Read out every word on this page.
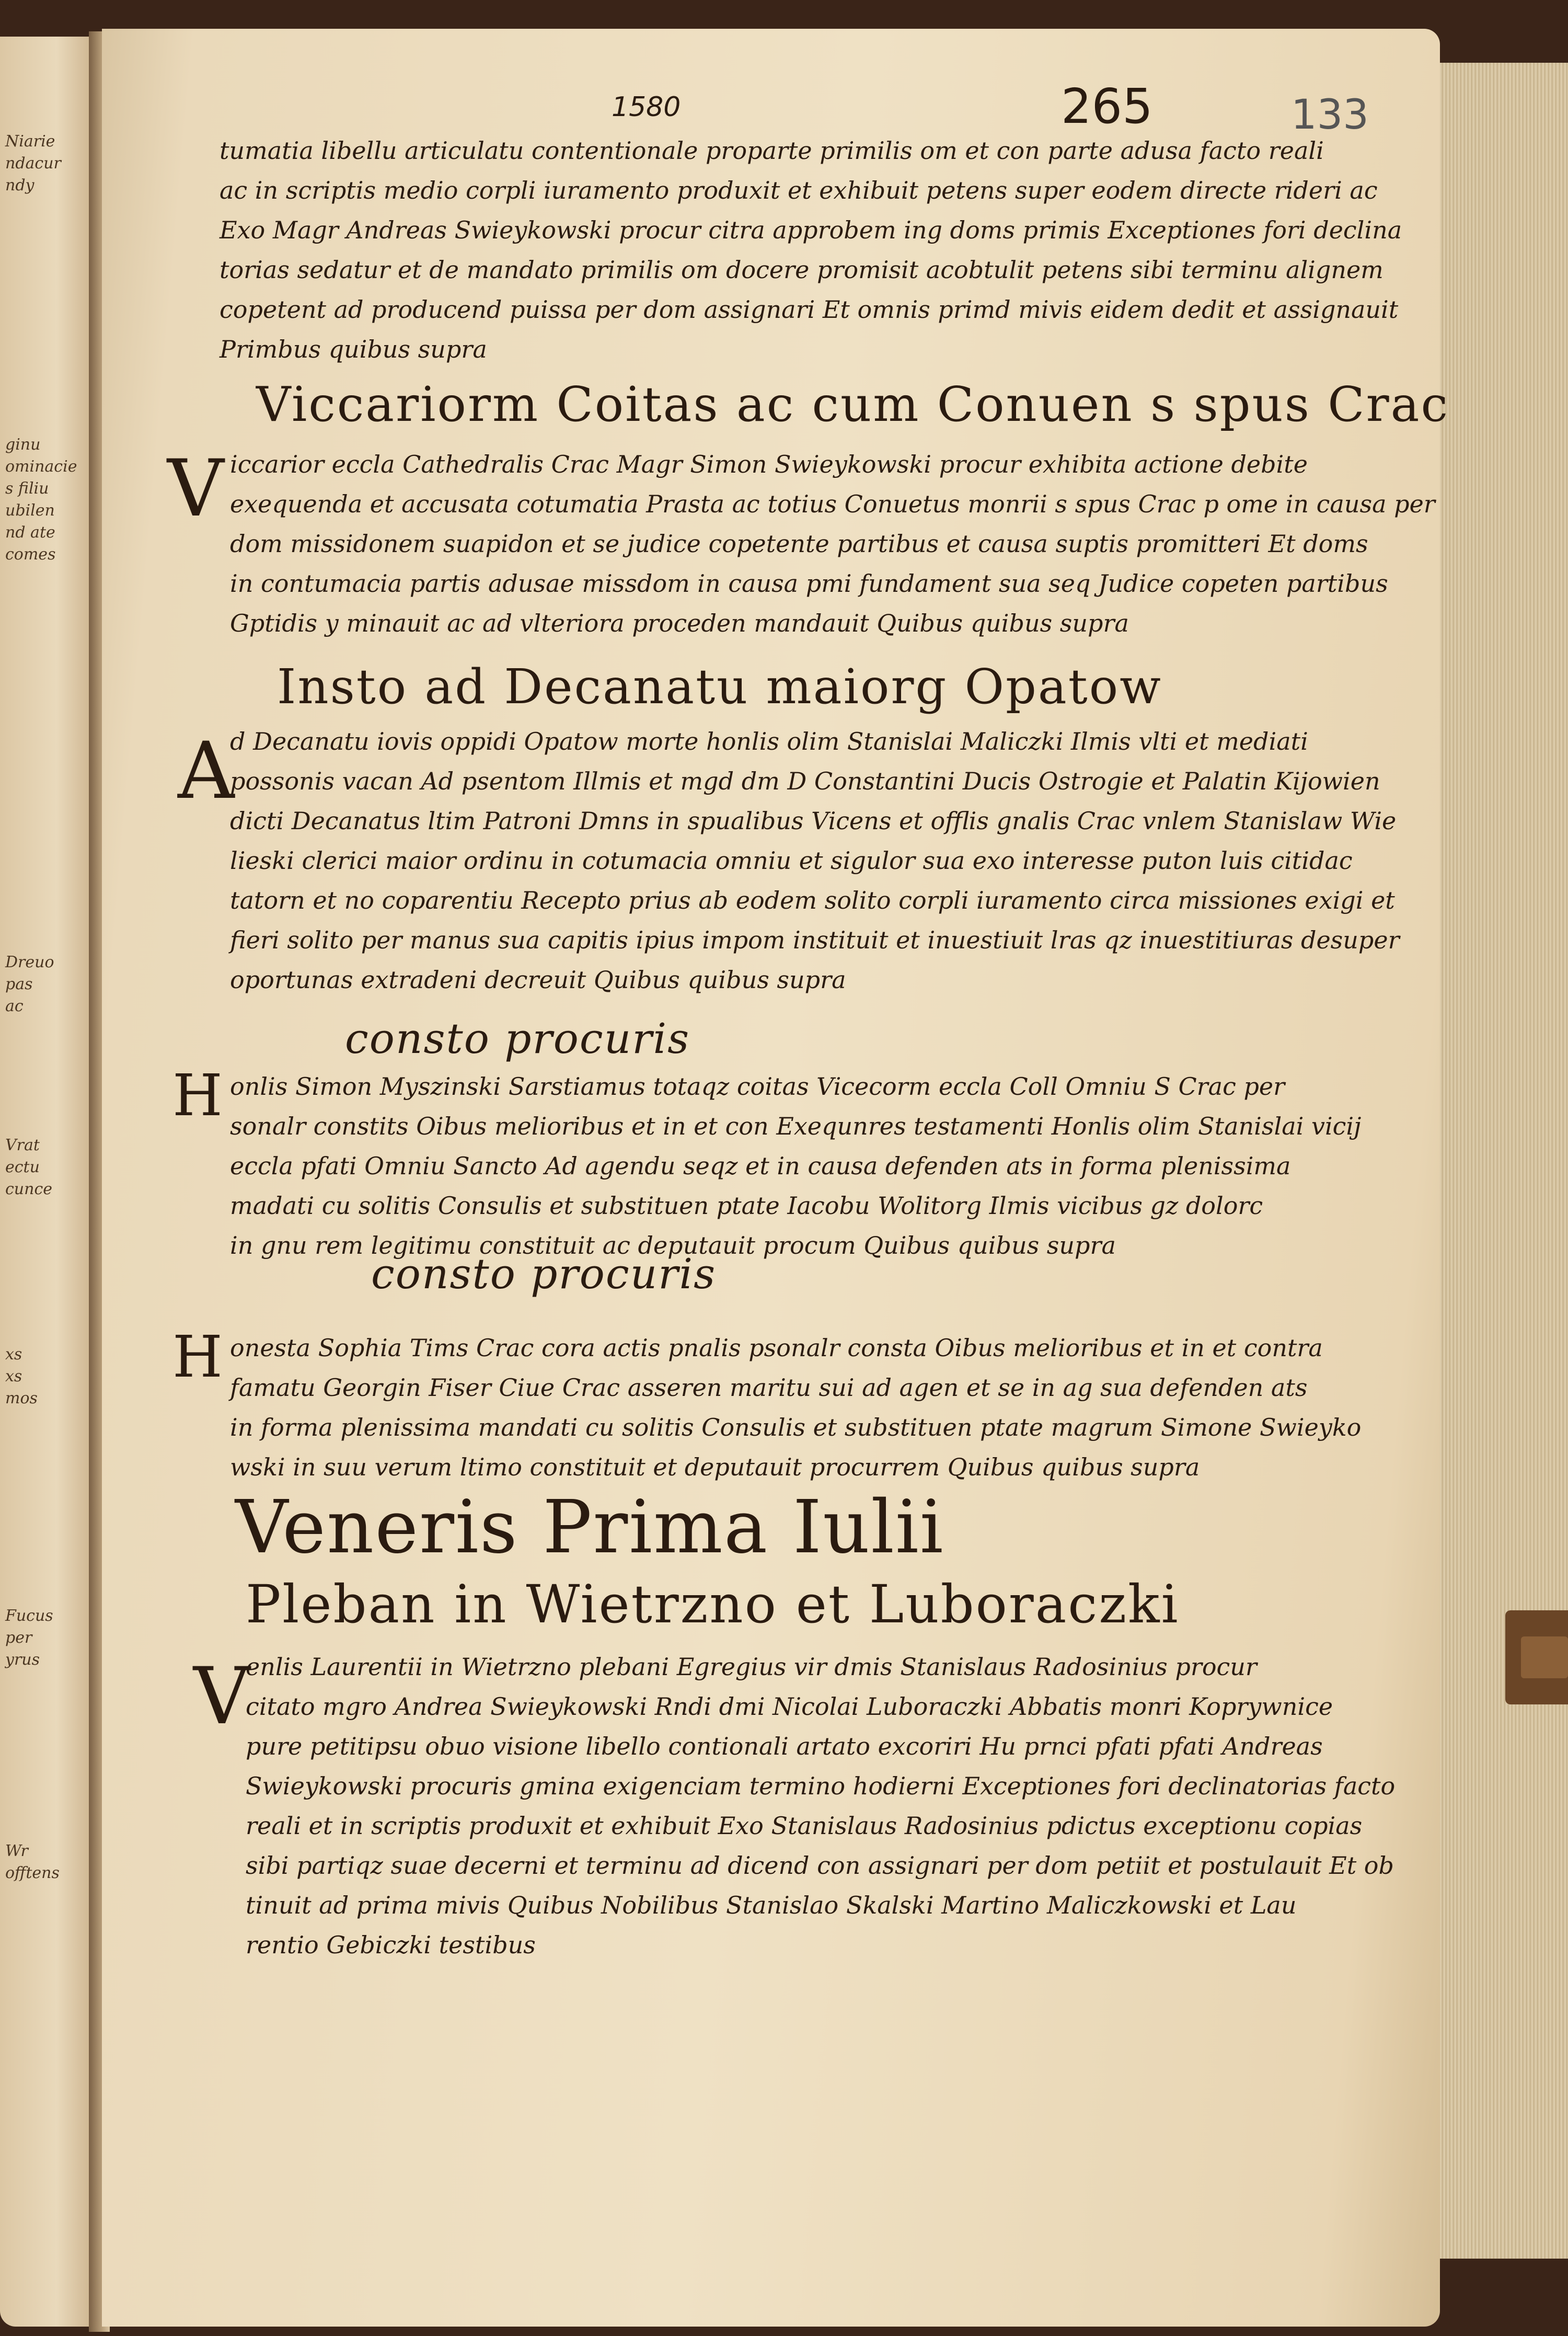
Niarie
ndacur
ndy
ginu
ominacie
s filiu
ubilen
nd ate
comes
Dreuo
pas
ac
Vrat
ectu
cunce
xs
xs
mos
Fucus
per
yrus
Wr
offtens
1580	265	133

tumatia libellu articulatu contentionale proparte primilis om et con parte adusa facto reali

ac in scriptis medio corpli iuramento produxit et exhibuit petens super eodem directe rideri ac

Exo Magr Andreas Swieykowski procur citra approbem ing doms primis Exceptiones fori declina

torias sedatur et de mandato primilis om docere promisit acobtulit petens sibi terminu alignem

copetent ad producend puissa per dom assignari Et omnis primd mivis eidem dedit et assignauit

Primbus quibus supra

Viccariorm Coitas ac cum Conuen s spus Crac
V iccarior eccla Cathedralis Crac Magr Simon Swieykowski procur exhibita actione debite

exequenda et accusata cotumatia Prasta ac totius Conuetus monrii s spus Crac p ome in causa per

dom missidonem suapidon et se judice copetente partibus et causa suptis promitteri Et doms

in contumacia partis adusae missdom in causa pmi fundament sua seq Judice copeten partibus

Gptidis y minauit ac ad vlteriora proceden mandauit Quibus quibus supra

Insto ad Decanatu maiorg Opatow
A

d Decanatu iovis oppidi Opatow morte honlis olim Stanislai Maliczki Ilmis vlti et mediati

possonis vacan Ad psentom Illmis et mgd dm D Constantini Ducis Ostrogie et Palatin Kijowien

dicti Decanatus ltim Patroni Dmns in spualibus Vicens et offlis gnalis Crac vnlem Stanislaw Wie

lieski clerici maior ordinu in cotumacia omniu et sigulor sua exo interesse puton luis citidac

tatorn et no coparentiu Recepto prius ab eodem solito corpli iuramento circa missiones exigi et

fieri solito per manus sua capitis ipius impom instituit et inuestiuit lras qz inuestitiuras desuper

oportunas extradeni decreuit Quibus quibus supra

consto procuris
H onlis Simon Myszinski Sarstiamus totaqz coitas Vicecorm eccla Coll Omniu S Crac per

sonalr constits Oibus melioribus et in et con Exequnres testamenti Honlis olim Stanislai vicij

eccla pfati Omniu Sancto Ad agendu seqz et in causa defenden ats in forma plenissima

madati cu solitis Consulis et substituen ptate Iacobu Wolitorg Ilmis vicibus gz dolorc

in gnu rem legitimu constituit ac deputauit procum Quibus quibus supra

consto procuris
H onesta Sophia Tims Crac cora actis pnalis psonalr consta Oibus melioribus et in et contra

famatu Georgin Fiser Ciue Crac asseren maritu sui ad agen et se in ag sua defenden ats

in forma plenissima mandati cu solitis Consulis et substituen ptate magrum Simone Swieyko

wski in suu verum ltimo constituit et deputauit procurrem Quibus quibus supra

Veneris Prima Iulii
Pleban in Wietrzno et Luboraczki
V

enlis Laurentii in Wietrzno plebani Egregius vir dmis Stanislaus Radosinius procur

citato mgro Andrea Swieykowski Rndi dmi Nicolai Luboraczki Abbatis monri Koprywnice

pure petitipsu obuo visione libello contionali artato excoriri Hu prnci pfati pfati Andreas

Swieykowski procuris gmina exigenciam termino hodierni Exceptiones fori declinatorias facto

reali et in scriptis produxit et exhibuit Exo Stanislaus Radosinius pdictus exceptionu copias

sibi partiqz suae decerni et terminu ad dicend con assignari per dom petiit et postulauit Et ob

tinuit ad prima mivis Quibus Nobilibus Stanislao Skalski Martino Maliczkowski et Lau

rentio Gebiczki testibus
